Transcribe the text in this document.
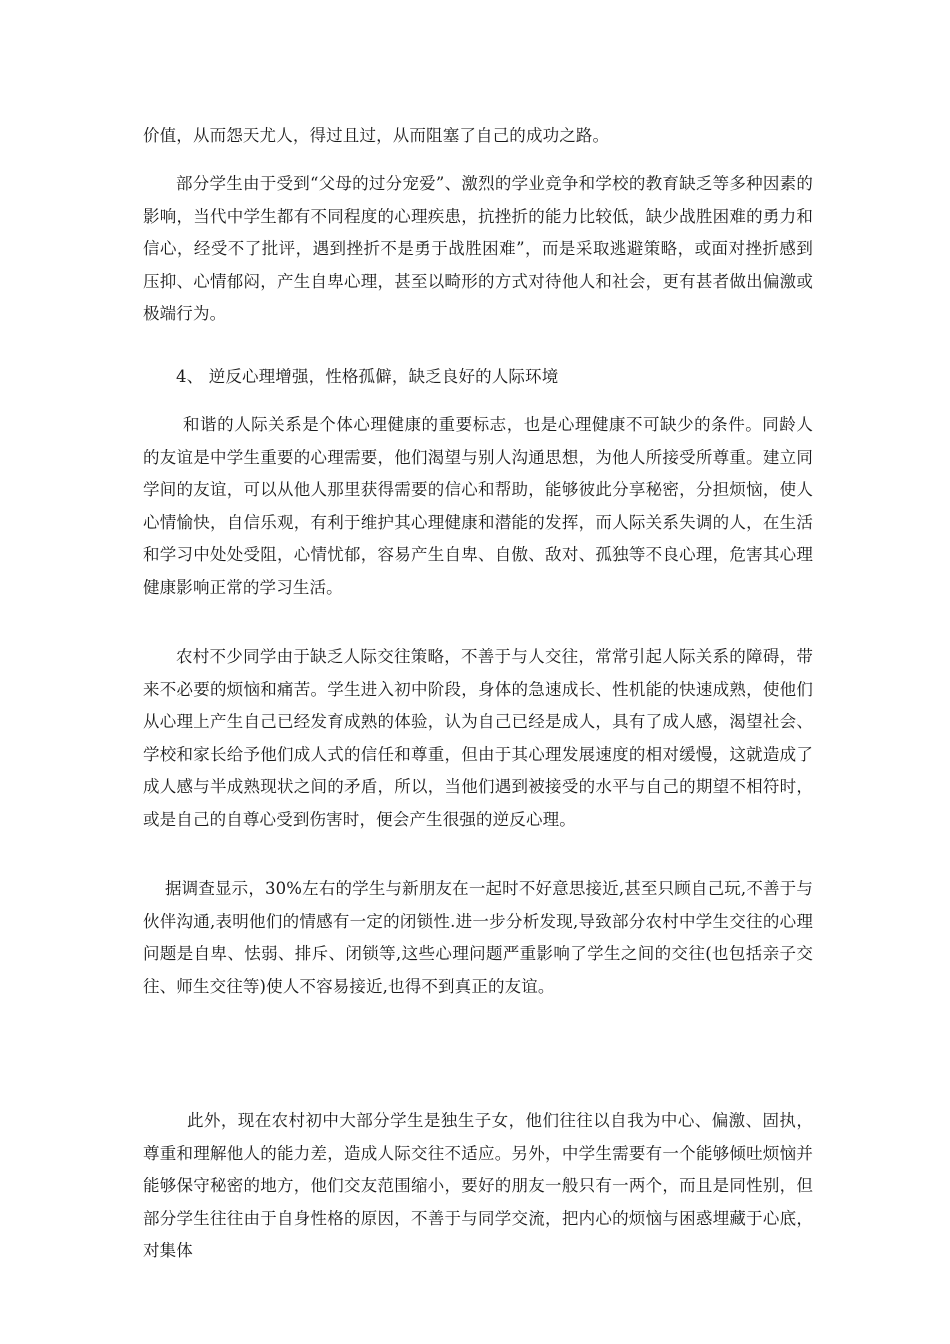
价值，从而怨天尤人，得过且过，从而阻塞了自己的成功之路。

部分学生由于受到“父母的过分宠爱”、激烈的学业竞争和学校的教育缺乏等多种因素的影响，当代中学生都有不同程度的心理疾患，抗挫折的能力比较低，缺少战胜困难的勇力和信心，经受不了批评，遇到挫折不是勇于战胜困难”，而是采取逃避策略，或面对挫折感到压抑、心情郁闷，产生自卑心理，甚至以畸形的方式对待他人和社会，更有甚者做出偏激或极端行为。

4、 逆反心理增强，性格孤僻，缺乏良好的人际环境

和谐的人际关系是个体心理健康的重要标志，也是心理健康不可缺少的条件。同龄人的友谊是中学生重要的心理需要，他们渴望与别人沟通思想，为他人所接受所尊重。建立同学间的友谊，可以从他人那里获得需要的信心和帮助，能够彼此分享秘密，分担烦恼，使人心情愉快，自信乐观，有利于维护其心理健康和潜能的发挥，而人际关系失调的人，在生活和学习中处处受阻，心情忧郁，容易产生自卑、自傲、敌对、孤独等不良心理，危害其心理健康影响正常的学习生活。

农村不少同学由于缺乏人际交往策略，不善于与人交往，常常引起人际关系的障碍，带来不必要的烦恼和痛苦。学生进入初中阶段，身体的急速成长、性机能的快速成熟，使他们从心理上产生自己已经发育成熟的体验，认为自己已经是成人，具有了成人感，渴望社会、学校和家长给予他们成人式的信任和尊重，但由于其心理发展速度的相对缓慢，这就造成了成人感与半成熟现状之间的矛盾，所以，当他们遇到被接受的水平与自己的期望不相符时，或是自己的自尊心受到伤害时，便会产生很强的逆反心理。

据调查显示，30%左右的学生与新朋友在一起时不好意思接近,甚至只顾自己玩,不善于与伙伴沟通,表明他们的情感有一定的闭锁性.进一步分析发现,导致部分农村中学生交往的心理问题是自卑、怯弱、排斥、闭锁等,这些心理问题严重影响了学生之间的交往(也包括亲子交往、师生交往等)使人不容易接近,也得不到真正的友谊。

此外，现在农村初中大部分学生是独生子女，他们往往以自我为中心、偏激、固执，尊重和理解他人的能力差，造成人际交往不适应。另外，中学生需要有一个能够倾吐烦恼并能够保守秘密的地方，他们交友范围缩小，要好的朋友一般只有一两个，而且是同性别，但部分学生往往由于自身性格的原因，不善于与同学交流，把内心的烦恼与困惑埋藏于心底，对集体
